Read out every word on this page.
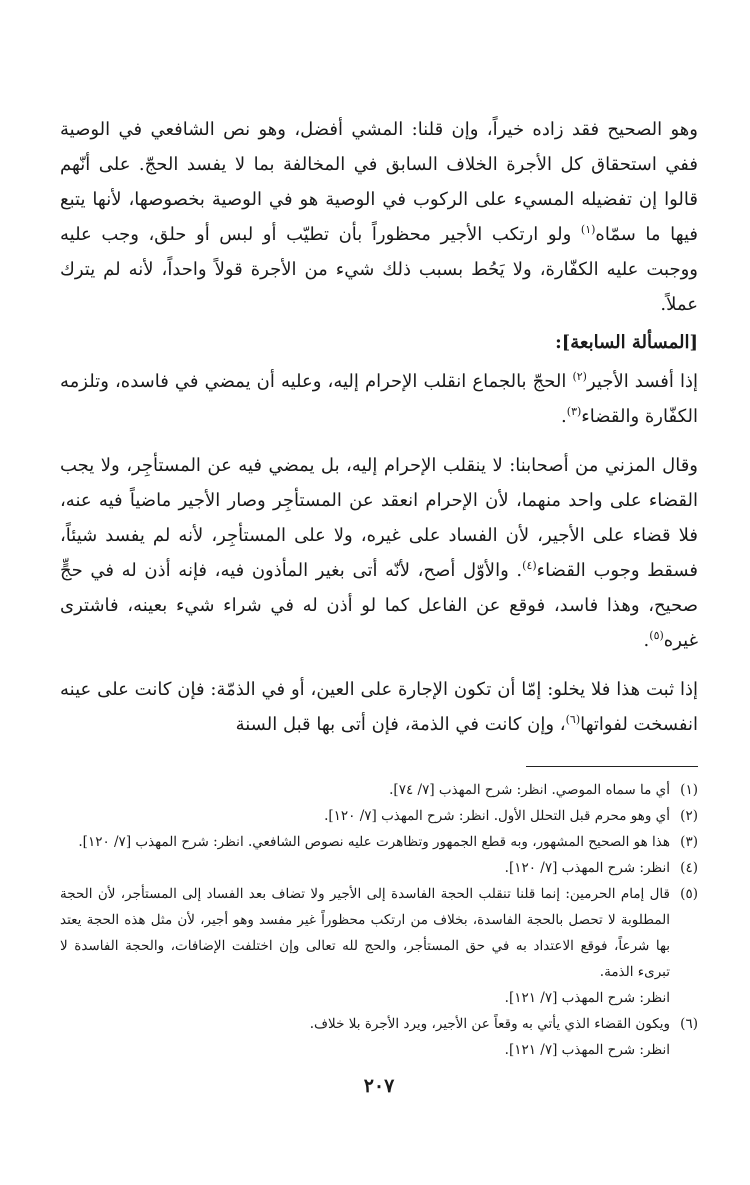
وهو الصحيح فقد زاده خيراً، وإن قلنا: المشي أفضل، وهو نص الشافعي في الوصية ففي استحقاق كل الأجرة الخلاف السابق في المخالفة بما لا يفسد الحجّ. على أنّهم قالوا إن تفضيله المسيء على الركوب في الوصية هو في الوصية بخصوصها، لأنها يتبع فيها ما سمّاه$^{(١)}$ ولو ارتكب الأجير محظوراً بأن تطيّب أو لبس أو حلق، وجب عليه ووجبت عليه الكفّارة، ولا يَحُط بسبب ذلك شيء من الأجرة قولاً واحداً، لأنه لم يترك عملاً.

[المسألة السابعة]:

إذا أفسد الأجير$^{(٢)}$ الحجّ بالجماع انقلب الإحرام إليه، وعليه أن يمضي في فاسده، وتلزمه الكفّارة والقضاء$^{(٣)}$.

وقال المزني من أصحابنا: لا ينقلب الإحرام إليه، بل يمضي فيه عن المستأجِر، ولا يجب القضاء على واحد منهما، لأن الإحرام انعقد عن المستأجِر وصار الأجير ماضياً فيه عنه، فلا قضاء على الأجير، لأن الفساد على غيره، ولا على المستأجِر، لأنه لم يفسد شيئاً، فسقط وجوب القضاء$^{(٤)}$. والأوّل أصح، لأنّه أتى بغير المأذون فيه، فإنه أذن له في حجٍّ صحيح، وهذا فاسد، فوقع عن الفاعل كما لو أذن له في شراء شيء بعينه، فاشترى غيره$^{(٥)}$.

إذا ثبت هذا فلا يخلو: إمّا أن تكون الإجارة على العين، أو في الذمّة: فإن كانت على عينه انفسخت لفواتها$^{(٦)}$، وإن كانت في الذمة، فإن أتى بها قبل السنة

(١)
أي ما سماه الموصي. انظر: شرح المهذب [٧/ ٧٤].
(٢)
أي وهو محرم قبل التحلل الأول. انظر: شرح المهذب [٧/ ١٢٠].
(٣)
هذا هو الصحيح المشهور، وبه قطع الجمهور وتظاهرت عليه نصوص الشافعي. انظر: شرح المهذب [٧/ ١٢٠].
(٤)
انظر: شرح المهذب [٧/ ١٢٠].
(٥)
قال إمام الحرمين: إنما قلنا تنقلب الحجة الفاسدة إلى الأجير ولا تضاف بعد الفساد إلى المستأجر، لأن الحجة المطلوبة لا تحصل بالحجة الفاسدة، بخلاف من ارتكب محظوراً غير مفسد وهو أجير، لأن مثل هذه الحجة يعتد بها شرعاً، فوقع الاعتداد به في حق المستأجر، والحج لله تعالى وإن اختلفت الإضافات، والحجة الفاسدة لا تبرىء الذمة.
انظر: شرح المهذب [٧/ ١٢١].
(٦)
ويكون القضاء الذي يأتي به وقعاً عن الأجير، ويرد الأجرة بلا خلاف.
انظر: شرح المهذب [٧/ ١٢١].
٢٠٧
